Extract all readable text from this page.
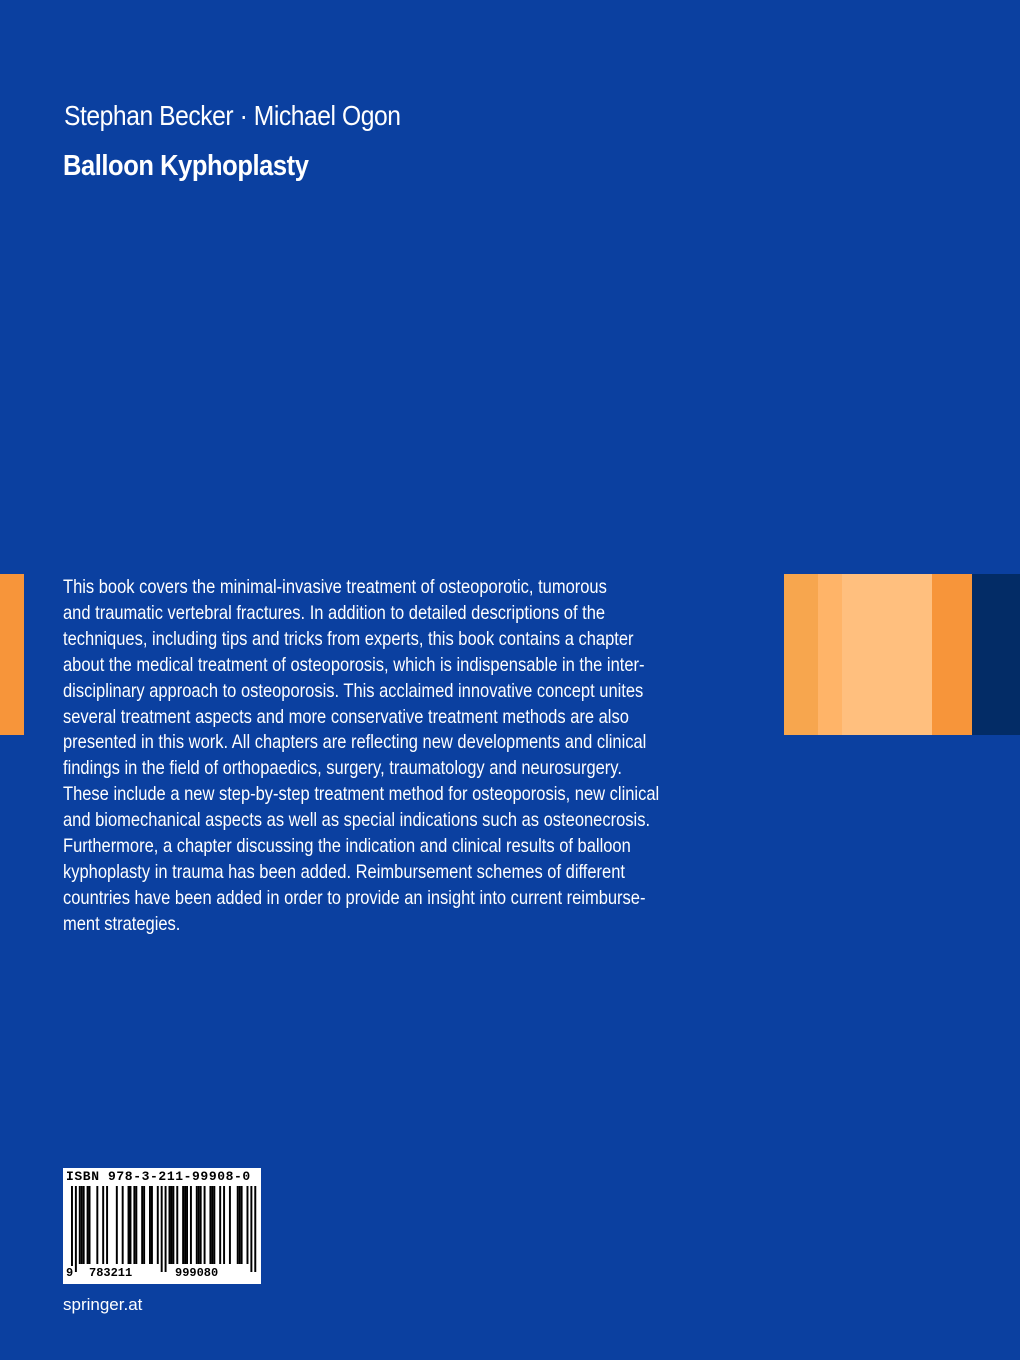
Stephan Becker · Michael Ogon
Balloon Kyphoplasty

This book covers the minimal-invasive treatment of osteoporotic, tumorous

and traumatic vertebral fractures. In addition to detailed descriptions of the

techniques, including tips and tricks from experts, this book contains a chapter

about the medical treatment of osteoporosis, which is indispensable in the inter-

disciplinary approach to osteoporosis. This acclaimed innovative concept unites

several treatment aspects and more conservative treatment methods are also

presented in this work. All chapters are reflecting new developments and clinical

findings in the field of orthopaedics, surgery, traumatology and neurosurgery.

These include a new step-by-step treatment method for osteoporosis, new clinical

and biomechanical aspects as well as special indications such as osteonecrosis.

Furthermore, a chapter discussing the indication and clinical results of balloon

kyphoplasty in trauma has been added. Reimbursement schemes of different

countries have been added in order to provide an insight into current reimburse-

ment strategies.

ISBN 978-3-211-99908-0
9 783211	999080
springer.at
